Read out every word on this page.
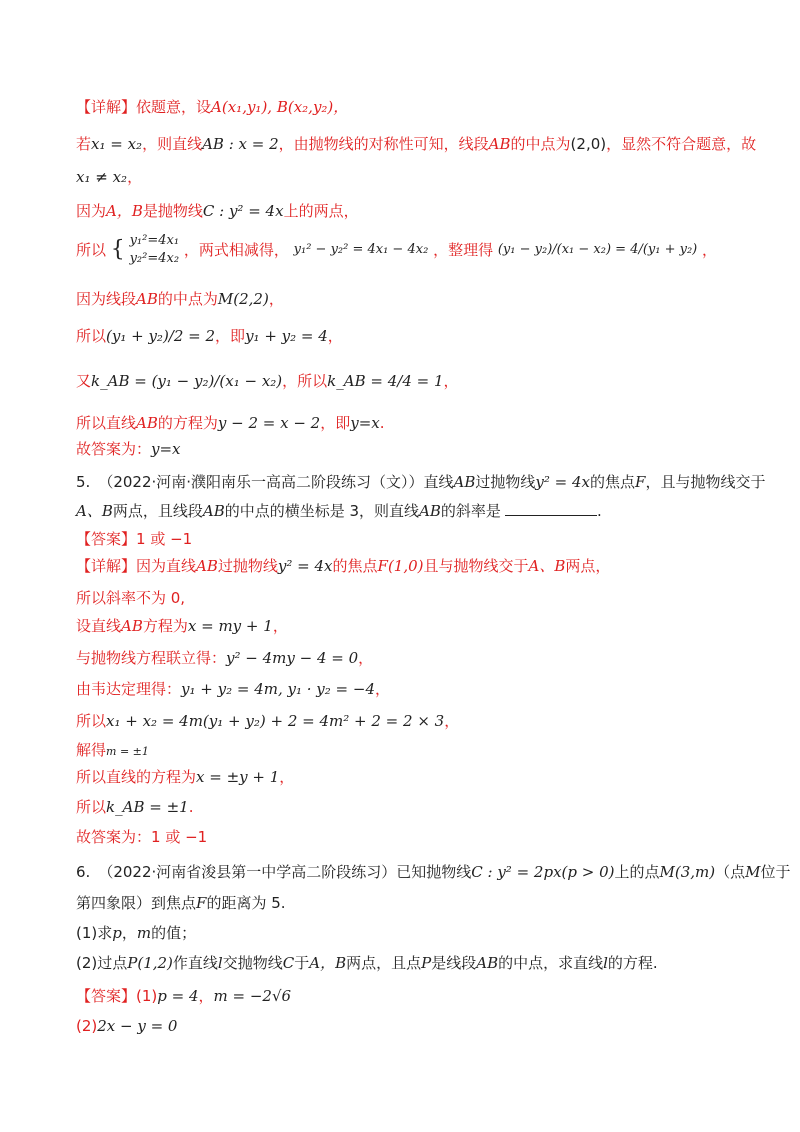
【详解】依题意，设A(x₁,y₁), B(x₂,y₂)，
若x₁ = x₂，则直线AB : x = 2，由抛物线的对称性可知，线段AB的中点为(2,0)，显然不符合题意，故
x₁ ≠ x₂，
因为A，B是抛物线C : y² = 4x上的两点，
所以 { y₁²=4x₁
y₂²=4x₂ ，两式相减得， y₁² − y₂² = 4x₁ − 4x₂ ，整理得 (y₁ − y₂)/(x₁ − x₂) = 4/(y₁ + y₂) ，
因为线段AB的中点为M(2,2)，
所以(y₁ + y₂)/2 = 2，即y₁ + y₂ = 4，
又k_AB = (y₁ − y₂)/(x₁ − x₂)，所以k_AB = 4/4 = 1，
所以直线AB的方程为y − 2 = x − 2，即y=x.
故答案为：y=x
5. （2022·河南·濮阳南乐一高高二阶段练习（文））直线AB过抛物线y² = 4x的焦点F，且与抛物线交于
A、B两点，且线段AB的中点的横坐标是 3，则直线AB的斜率是	.
【答案】1 或 −1
【详解】因为直线AB过抛物线y² = 4x的焦点F(1,0)且与抛物线交于A、B两点，
所以斜率不为 0,
设直线AB方程为x = my + 1，
与抛物线方程联立得：y² − 4my − 4 = 0，
由韦达定理得：y₁ + y₂ = 4m, y₁ · y₂ = −4，
所以x₁ + x₂ = 4m(y₁ + y₂) + 2 = 4m² + 2 = 2 × 3，
解得m = ±1
所以直线的方程为x = ±y + 1，
所以k_AB = ±1.
故答案为：1 或 −1
6. （2022·河南省浚县第一中学高二阶段练习）已知抛物线C : y² = 2px(p > 0)上的点M(3,m)（点M位于
第四象限）到焦点F的距离为 5.
(1)求p，m的值；
(2)过点P(1,2)作直线l交抛物线C于A，B两点，且点P是线段AB的中点，求直线l的方程.
【答案】(1)p = 4，m = −2√6
(2)2x − y = 0
